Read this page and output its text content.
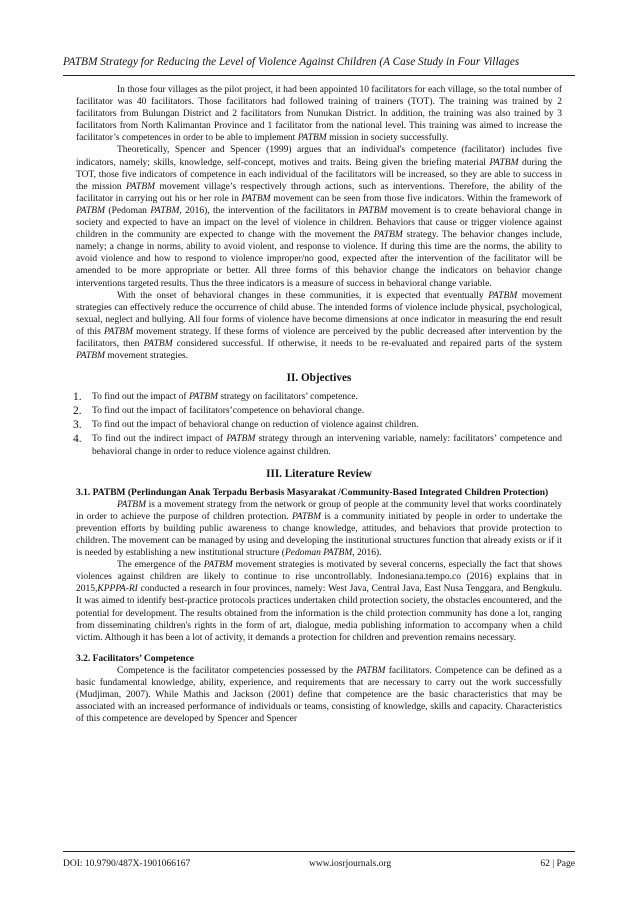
PATBM Strategy for Reducing the Level of Violence Against Children (A Case Study in Four Villages

In those four villages as the pilot project, it had been appointed 10 facilitators for each village, so the total number of facilitator was 40 facilitators. Those facilitators had followed training of trainers (TOT). The training was trained by 2 facilitators from Bulungan District and 2 facilitators from Nunukan District. In addition, the training was also trained by 3 facilitators from North Kalimantan Province and 1 facilitator from the national level. This training was aimed to increase the facilitator’s competences in order to be able to implement PATBM mission in society successfully.

Theoretically, Spencer and Spencer (1999) argues that an individual's competence (facilitator) includes five indicators, namely; skills, knowledge, self-concept, motives and traits. Being given the briefing material PATBM during the TOT, those five indicators of competence in each individual of the facilitators will be increased, so they are able to success in the mission PATBM movement village’s respectively through actions, such as interventions. Therefore, the ability of the facilitator in carrying out his or her role in PATBM movement can be seen from those five indicators. Within the framework of PATBM (Pedoman PATBM, 2016), the intervention of the facilitators in PATBM movement is to create behavioral change in society and expected to have an impact on the level of violence in children. Behaviors that cause or trigger violence against children in the community are expected to change with the movement the PATBM strategy. The behavior changes include, namely; a change in norms, ability to avoid violent, and response to violence. If during this time are the norms, the ability to avoid violence and how to respond to violence improper/no good, expected after the intervention of the facilitator will be amended to be more appropriate or better. All three forms of this behavior change the indicators on behavior change interventions targeted results. Thus the three indicators is a measure of success in behavioral change variable.

With the onset of behavioral changes in these communities, it is expected that eventually PATBM movement strategies can effectively reduce the occurrence of child abuse. The intended forms of violence include physical, psychological, sexual, neglect and bullying. All four forms of violence have become dimensions at once indicator in measuring the end result of this PATBM movement strategy. If these forms of violence are perceived by the public decreased after intervention by the facilitators, then PATBM considered successful. If otherwise, it needs to be re-evaluated and repaired parts of the system PATBM movement strategies.

II. Objectives
1. To find out the impact of PATBM strategy on facilitators’ competence.
2. To find out the impact of facilitators’competence on behavioral change.
3. To find out the impact of behavioral change on reduction of violence against children.
4. To find out the indirect impact of PATBM strategy through an intervening variable, namely: facilitators’ competence and behavioral change in order to reduce violence against children.
III. Literature Review

3.1. PATBM (Perlindungan Anak Terpadu Berbasis Masyarakat /Community-Based Integrated Children Protection)

PATBM is a movement strategy from the network or group of people at the community level that works coordinately in order to achieve the purpose of children protection. PATBM is a community initiated by people in order to undertake the prevention efforts by building public awareness to change knowledge, attitudes, and behaviors that provide protection to children. The movement can be managed by using and developing the institutional structures function that already exists or if it is needed by establishing a new institutional structure (Pedoman PATBM, 2016).

The emergence of the PATBM movement strategies is motivated by several concerns, especially the fact that shows violences against children are likely to continue to rise uncontrollably. Indonesiana.tempo.co (2016) explains that in 2015,KPPPA-RI conducted a research in four provinces, namely: West Java, Central Java, East Nusa Tenggara, and Bengkulu. It was aimed to identify best-practice protocols practices undertaken child protection society, the obstacles encountered, and the potential for development. The results obtained from the information is the child protection community has done a lot, ranging from disseminating children's rights in the form of art, dialogue, media publishing information to accompany when a child victim. Although it has been a lot of activity, it demands a protection for children and prevention remains necessary.

3.2. Facilitators’ Competence

Competence is the facilitator competencies possessed by the PATBM facilitators. Competence can be defined as a basic fundamental knowledge, ability, experience, and requirements that are necessary to carry out the work successfully (Mudjiman, 2007). While Mathis and Jackson (2001) define that competence are the basic characteristics that may be associated with an increased performance of individuals or teams, consisting of knowledge, skills and capacity. Characteristics of this competence are developed by Spencer and Spencer

DOI: 10.9790/487X-1901066167	www.iosrjournals.org	62 | Page
